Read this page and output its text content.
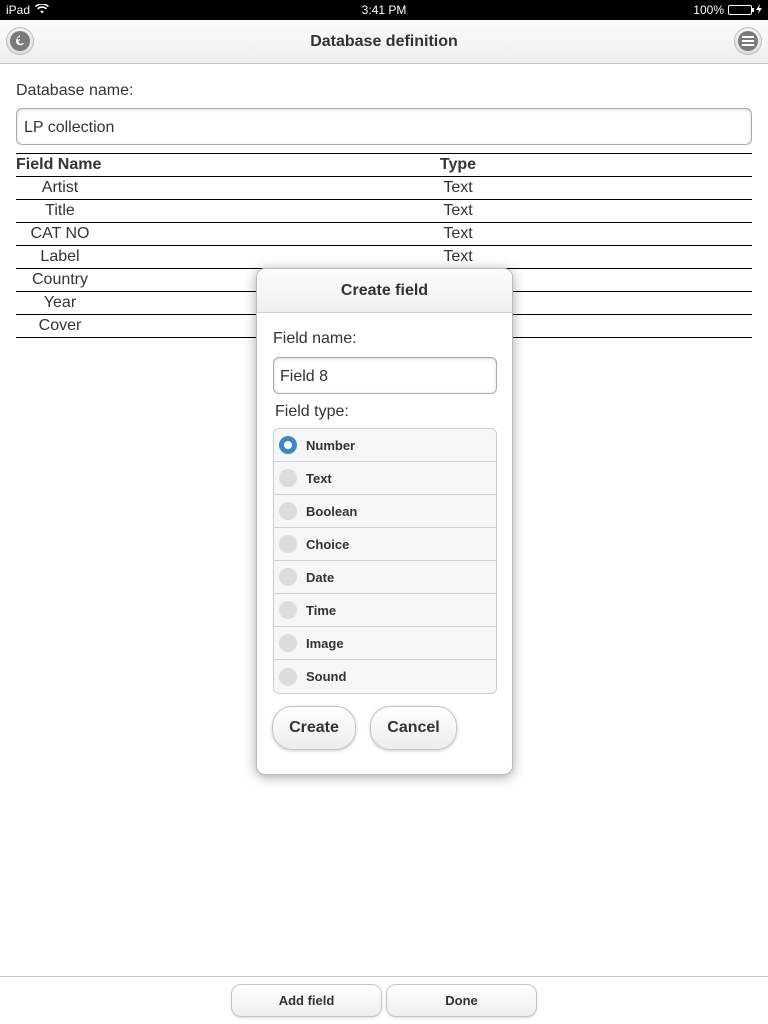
iPad	3:41 PM	100%
Database definition
Database name:
LP collection
Field Name	Type
Artist	Text
Title	Text
CAT NO	Text
Label	Text
Country
Year
Cover
Create field
Field name:
Field 8
Field type:
Number
Text
Boolean
Choice
Date
Time
Image
Sound
Create	Cancel
Add field	Done
